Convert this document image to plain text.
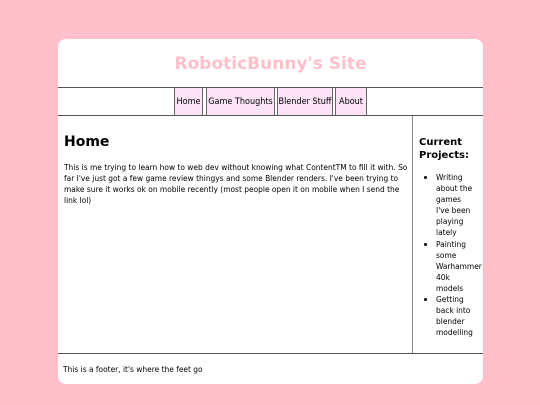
RoboticBunny's Site
Home Game Thoughts Blender Stuff About
Home

This is me trying to learn how to web dev without knowing what ContentTM to fill it with. So far I've just got a few game review thingys and some Blender renders. I've been trying to make sure it works ok on mobile recently (most people open it on mobile when I send the link lol)

Current Projects:
• Writing about the games I've been playing lately
• Painting some Warhammer 40k models
• Getting back into blender modelling
This is a footer, it's where the feet go
